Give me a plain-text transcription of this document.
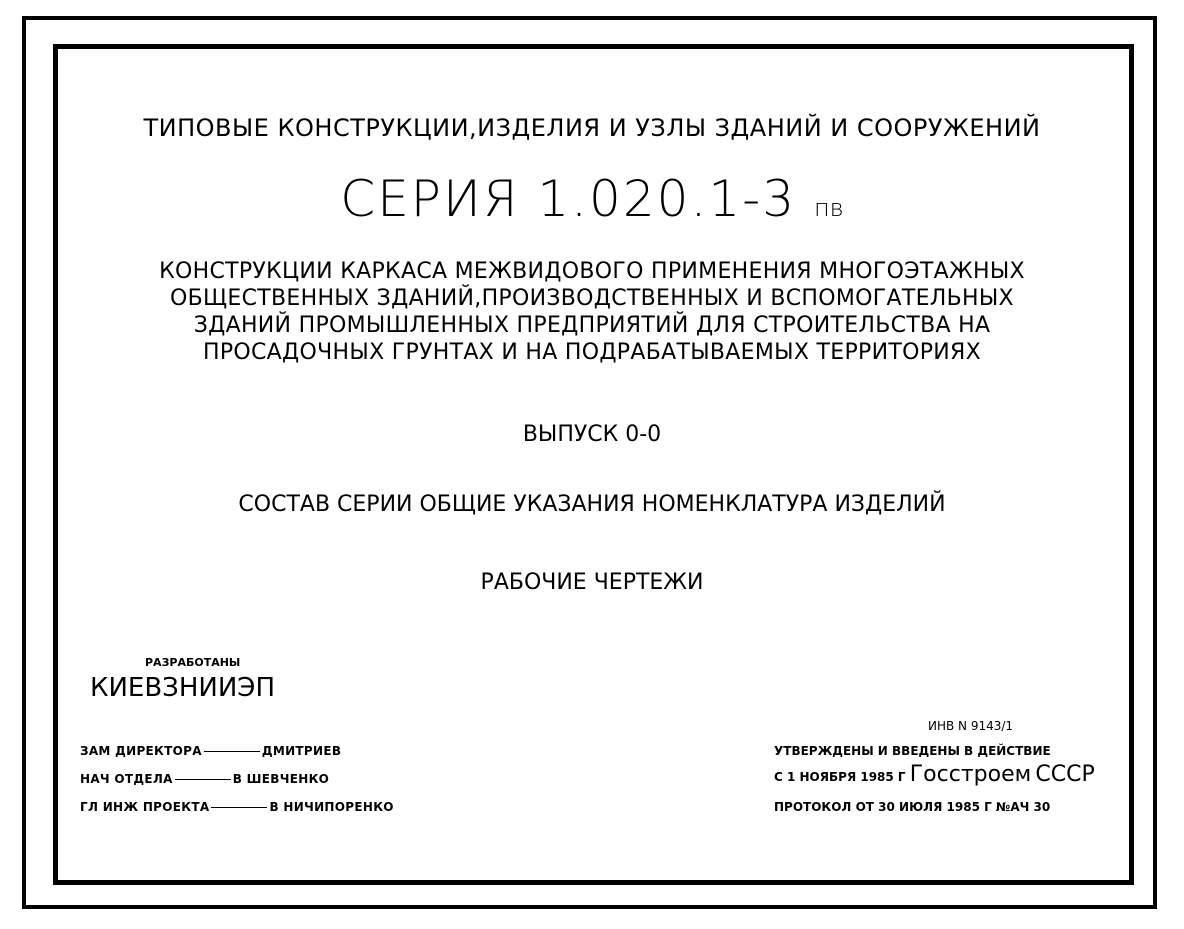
ТИПОВЫЕ КОНСТРУКЦИИ,ИЗДЕЛИЯ И УЗЛЫ ЗДАНИЙ И СООРУЖЕНИЙ
СЕРИЯ 1.020.1-3 пв
КОНСТРУКЦИИ КАРКАСА МЕЖВИДОВОГО ПРИМЕНЕНИЯ МНОГОЭТАЖНЫХ
ОБЩЕСТВЕННЫХ ЗДАНИЙ,ПРОИЗВОДСТВЕННЫХ И ВСПОМОГАТЕЛЬНЫХ
ЗДАНИЙ ПРОМЫШЛЕННЫХ ПРЕДПРИЯТИЙ ДЛЯ СТРОИТЕЛЬСТВА НА
ПРОСАДОЧНЫХ ГРУНТАХ И НА ПОДРАБАТЫВАЕМЫХ ТЕРРИТОРИЯХ
ВЫПУСК 0-0
СОСТАВ СЕРИИ ОБЩИЕ УКАЗАНИЯ НОМЕНКЛАТУРА ИЗДЕЛИЙ
РАБОЧИЕ ЧЕРТЕЖИ
РАЗРАБОТАНЫ
КИЕВЗНИИЭП
ЗАМ ДИРЕКТОРА	ДМИТРИЕВ
НАЧ ОТДЕЛА	В ШЕВЧЕНКО
ГЛ ИНЖ ПРОЕКТА	В НИЧИПОРЕНКО
ИНВ N 9143/1
УТВЕРЖДЕНЫ И ВВЕДЕНЫ В ДЕЙСТВИЕ
С 1 НОЯБРЯ 1985 Г Госстроем СССР
ПРОТОКОЛ ОТ 30 ИЮЛЯ 1985 Г №АЧ 30
